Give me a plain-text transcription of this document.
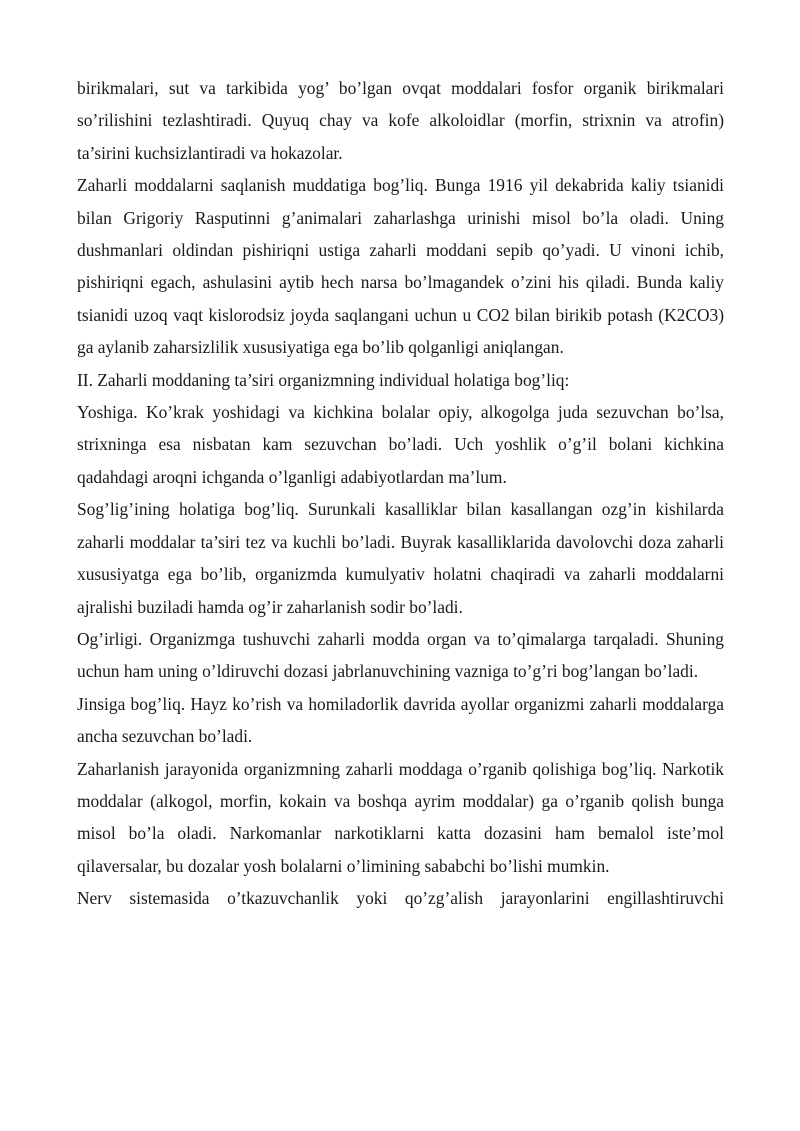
birikmalari, sut va tarkibida yog’ bo’lgan ovqat moddalari fosfor organik birikmalari so’rilishini tezlashtiradi. Quyuq chay va kofe alkoloidlar (morfin, strixnin va atrofin) ta’sirini kuchsizlantiradi va hokazolar.

Zaharli moddalarni saqlanish muddatiga bog’liq. Bunga 1916 yil dekabrida kaliy tsianidi bilan Grigoriy Rasputinni g’animalari zaharlashga urinishi misol bo’la oladi. Uning dushmanlari oldindan pishiriqni ustiga zaharli moddani sepib qo’yadi. U vinoni ichib, pishiriqni egach, ashulasini aytib hech narsa bo’lmagandek o’zini his qiladi. Bunda kaliy tsianidi uzoq vaqt kislorodsiz joyda saqlangani uchun u CO2 bilan birikib potash (K2CO3) ga aylanib zaharsizlilik xususiyatiga ega bo’lib qolganligi aniqlangan.

II. Zaharli moddaning ta’siri organizmning individual holatiga bog’liq:

Yoshiga. Ko’krak yoshidagi va kichkina bolalar opiy, alkogolga juda sezuvchan bo’lsa, strixninga esa nisbatan kam sezuvchan bo’ladi. Uch yoshlik o’g’il bolani kichkina qadahdagi aroqni ichganda o’lganligi adabiyotlardan ma’lum.

Sog’lig’ining holatiga bog’liq. Surunkali kasalliklar bilan kasallangan ozg’in kishilarda zaharli moddalar ta’siri tez va kuchli bo’ladi. Buyrak kasalliklarida davolovchi doza zaharli xususiyatga ega bo’lib, organizmda kumulyativ holatni chaqiradi va zaharli moddalarni ajralishi buziladi hamda og’ir zaharlanish sodir bo’ladi.

Og’irligi. Organizmga tushuvchi zaharli modda organ va to’qimalarga tarqaladi. Shuning uchun ham uning o’ldiruvchi dozasi jabrlanuvchining vazniga to’g’ri bog’langan bo’ladi.

Jinsiga bog’liq. Hayz ko’rish va homiladorlik davrida ayollar organizmi zaharli moddalarga ancha sezuvchan bo’ladi.

Zaharlanish jarayonida organizmning zaharli moddaga o’rganib qolishiga bog’liq. Narkotik moddalar (alkogol, morfin, kokain va boshqa ayrim moddalar) ga o’rganib qolish bunga misol bo’la oladi. Narkomanlar narkotiklarni katta dozasini ham bemalol iste’mol qilaversalar, bu dozalar yosh bolalarni o’limining sababchi bo’lishi mumkin.

Nerv sistemasida o’tkazuvchanlik yoki qo’zg’alish jarayonlarini engillashtiruvchi
